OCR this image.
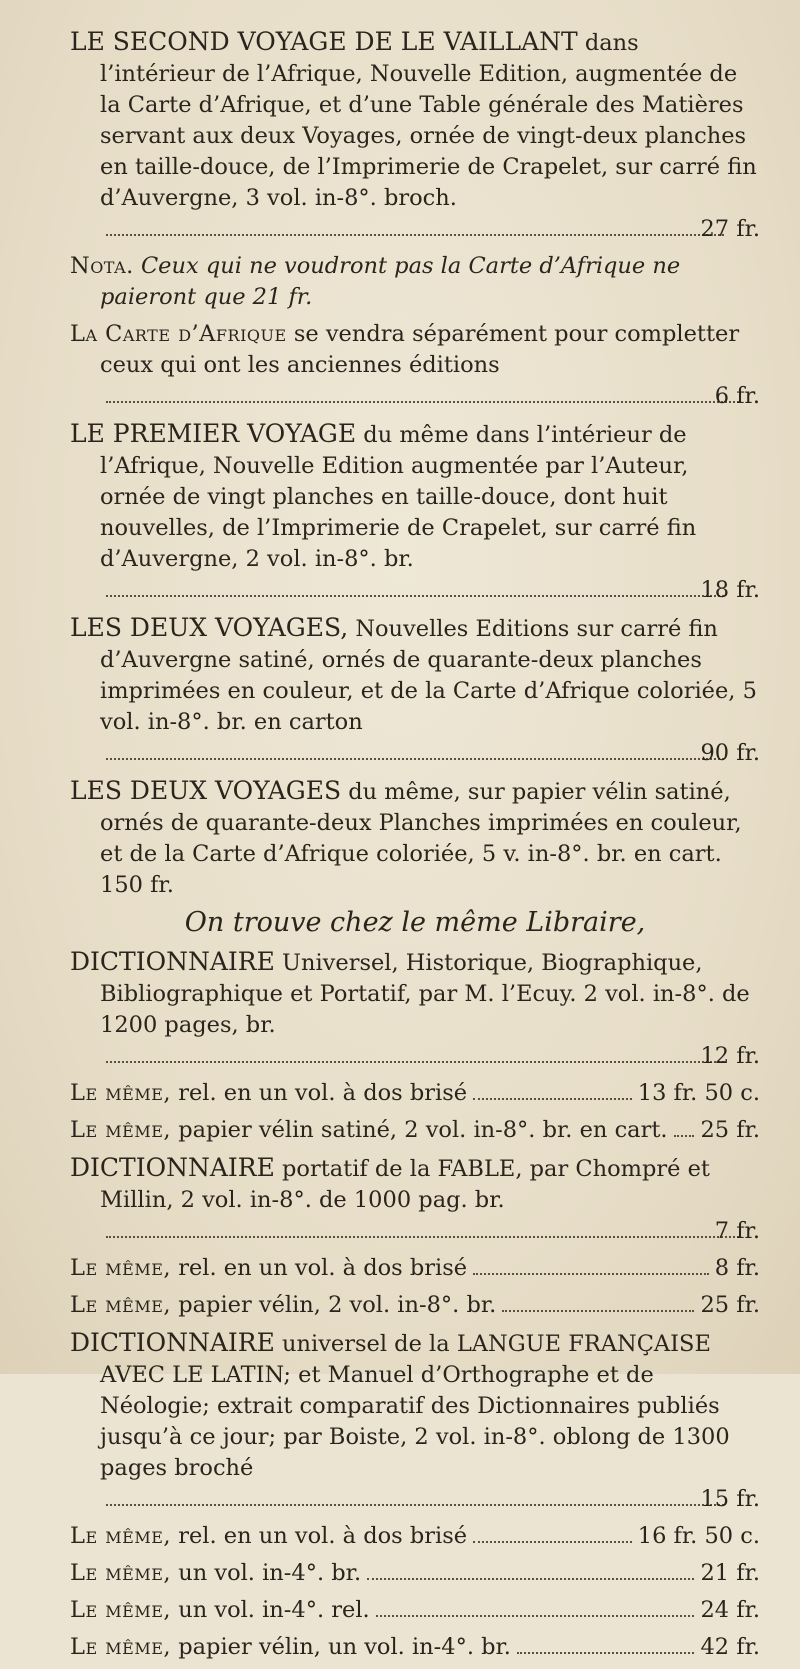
LE SECOND VOYAGE DE LE VAILLANT dans l’intérieur de l’Afrique, Nouvelle Edition, augmentée de la Carte d’Afrique, et d’une Table générale des Matières servant aux deux Voyages, ornée de vingt-deux planches en taille-douce, de l’Imprimerie de Crapelet, sur carré fin d’Auvergne, 3 vol. in-8°. broch.
27 fr.

Nota. Ceux qui ne voudront pas la Carte d’Afrique ne paieront que 21 fr.

La Carte d’Afrique se vendra séparément pour completter ceux qui ont les anciennes éditions
6 fr.

LE PREMIER VOYAGE du même dans l’intérieur de l’Afrique, Nouvelle Edition augmentée par l’Auteur, ornée de vingt planches en taille-douce, dont huit nouvelles, de l’Imprimerie de Crapelet, sur carré fin d’Auvergne, 2 vol. in-8°. br.
18 fr.

LES DEUX VOYAGES, Nouvelles Editions sur carré fin d’Auvergne satiné, ornés de quarante-deux planches imprimées en couleur, et de la Carte d’Afrique coloriée, 5 vol. in-8°. br. en carton
90 fr.

LES DEUX VOYAGES du même, sur papier vélin satiné, ornés de quarante-deux Planches imprimées en couleur, et de la Carte d’Afrique coloriée, 5 v. in-8°. br. en cart. 150 fr.

On trouve chez le même Libraire,

DICTIONNAIRE Universel, Historique, Biographique, Bibliographique et Portatif, par M. l’Ecuy. 2 vol. in-8°. de 1200 pages, br.
12 fr.

Le même, rel. en un vol. à dos brisé	13 fr. 50 c.
Le même, papier vélin satiné, 2 vol. in-8°. br. en cart. 25 fr.

DICTIONNAIRE portatif de la FABLE, par Chompré et Millin, 2 vol. in-8°. de 1000 pag. br.
7 fr.

Le même, rel. en un vol. à dos brisé	8 fr.
Le même, papier vélin, 2 vol. in-8°. br.	25 fr.

DICTIONNAIRE universel de la LANGUE FRANÇAISE AVEC LE LATIN; et Manuel d’Orthographe et de Néologie; extrait comparatif des Dictionnaires publiés jusqu’à ce jour; par Boiste, 2 vol. in-8°. oblong de 1300 pages broché
15 fr.

Le même, rel. en un vol. à dos brisé	16 fr. 50 c.
Le même, un vol. in-4°. br.	21 fr.
Le même, un vol. in-4°. rel.	24 fr.
Le même, papier vélin, un vol. in-4°. br.	42 fr.
